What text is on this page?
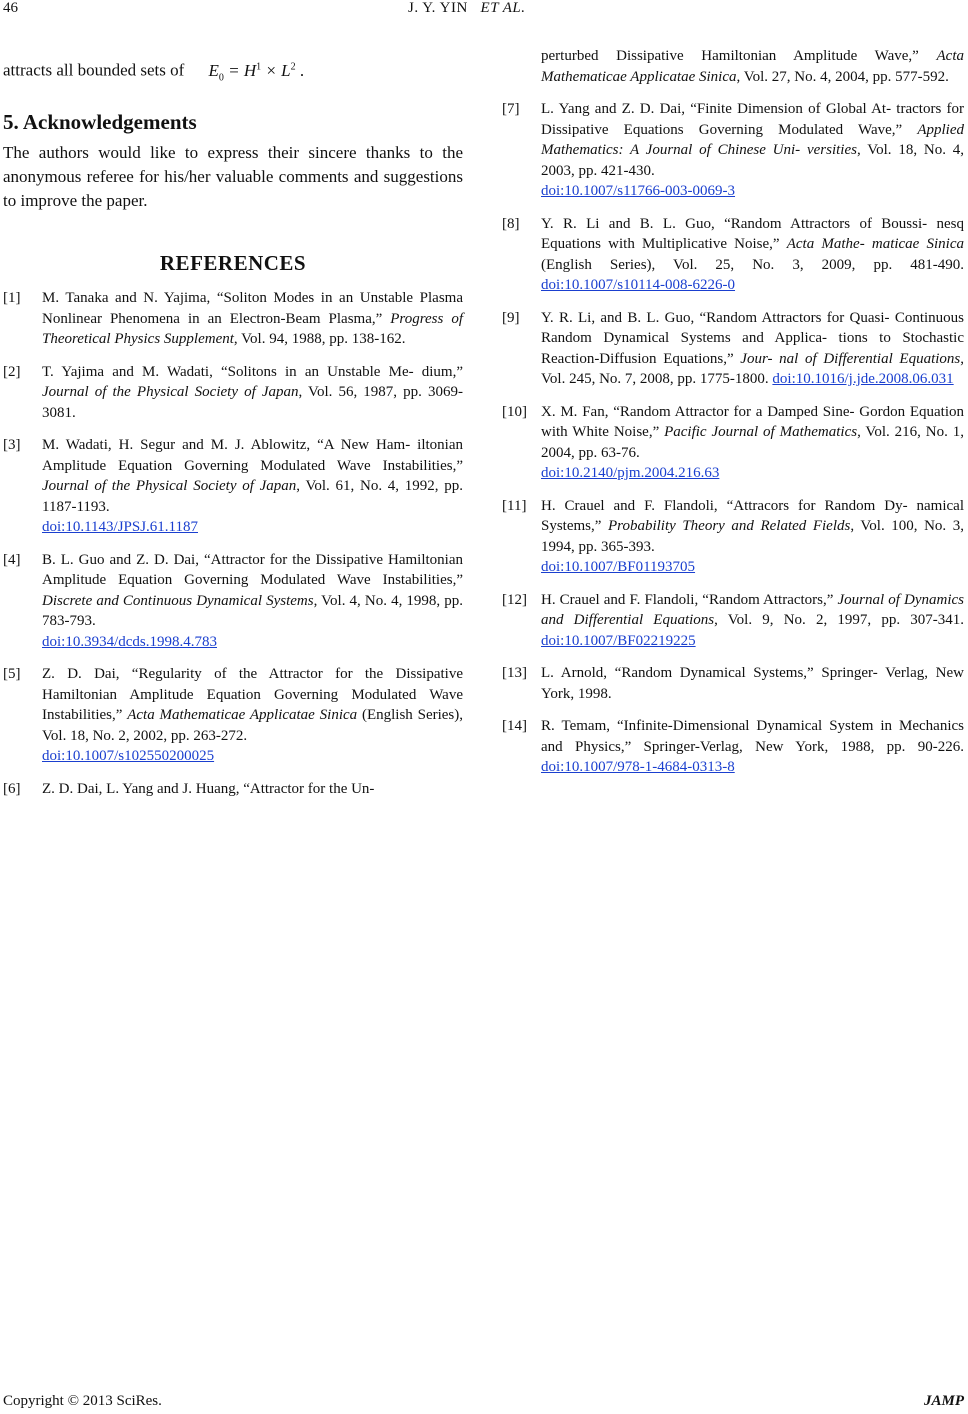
46	J. Y. YIN ET AL.

attracts all bounded sets of $E_0 = H^1 \times L^2$ .

5. Acknowledgements

The authors would like to express their sincere thanks to the anonymous referee for his/her valuable comments and suggestions to improve the paper.

REFERENCES
[1] M. Tanaka and N. Yajima, “Soliton Modes in an Unstable Plasma Nonlinear Phenomena in an Electron-Beam Plasma,” Progress of Theoretical Physics Supplement, Vol. 94, 1988, pp. 138-162.
[2] T. Yajima and M. Wadati, “Solitons in an Unstable Me- dium,” Journal of the Physical Society of Japan, Vol. 56, 1987, pp. 3069-3081.
[3] M. Wadati, H. Segur and M. J. Ablowitz, “A New Ham- iltonian Amplitude Equation Governing Modulated Wave Instabilities,” Journal of the Physical Society of Japan, Vol. 61, No. 4, 1992, pp. 1187-1193.
doi:10.1143/JPSJ.61.1187
[4] B. L. Guo and Z. D. Dai, “Attractor for the Dissipative Hamiltonian Amplitude Equation Governing Modulated Wave Instabilities,” Discrete and Continuous Dynamical Systems, Vol. 4, No. 4, 1998, pp. 783-793.
doi:10.3934/dcds.1998.4.783
[5] Z. D. Dai, “Regularity of the Attractor for the Dissipative Hamiltonian Amplitude Equation Governing Modulated Wave Instabilities,” Acta Mathematicae Applicatae Sinica (English Series), Vol. 18, No. 2, 2002, pp. 263-272.
doi:10.1007/s102550200025
[6] Z. D. Dai, L. Yang and J. Huang, “Attractor for the Un-
perturbed Dissipative Hamiltonian Amplitude Wave,” Acta Mathematicae Applicatae Sinica, Vol. 27, No. 4, 2004, pp. 577-592.
[7] L. Yang and Z. D. Dai, “Finite Dimension of Global At- tractors for Dissipative Equations Governing Modulated Wave,” Applied Mathematics: A Journal of Chinese Uni- versities, Vol. 18, No. 4, 2003, pp. 421-430.
doi:10.1007/s11766-003-0069-3
[8] Y. R. Li and B. L. Guo, “Random Attractors of Boussi- nesq Equations with Multiplicative Noise,” Acta Mathe- maticae Sinica (English Series), Vol. 25, No. 3, 2009, pp. 481-490. doi:10.1007/s10114-008-6226-0
[9] Y. R. Li, and B. L. Guo, “Random Attractors for Quasi- Continuous Random Dynamical Systems and Applica- tions to Stochastic Reaction-Diffusion Equations,” Jour- nal of Differential Equations, Vol. 245, No. 7, 2008, pp. 1775-1800. doi:10.1016/j.jde.2008.06.031
[10] X. M. Fan, “Random Attractor for a Damped Sine- Gordon Equation with White Noise,” Pacific Journal of Mathematics, Vol. 216, No. 1, 2004, pp. 63-76.
doi:10.2140/pjm.2004.216.63
[11] H. Crauel and F. Flandoli, “Attracors for Random Dy- namical Systems,” Probability Theory and Related Fields, Vol. 100, No. 3, 1994, pp. 365-393.
doi:10.1007/BF01193705
[12] H. Crauel and F. Flandoli, “Random Attractors,” Journal of Dynamics and Differential Equations, Vol. 9, No. 2, 1997, pp. 307-341. doi:10.1007/BF02219225
[13] L. Arnold, “Random Dynamical Systems,” Springer- Verlag, New York, 1998.
[14] R. Temam, “Infinite-Dimensional Dynamical System in Mechanics and Physics,” Springer-Verlag, New York, 1988, pp. 90-226. doi:10.1007/978-1-4684-0313-8
Copyright © 2013 SciRes.	JAMP
